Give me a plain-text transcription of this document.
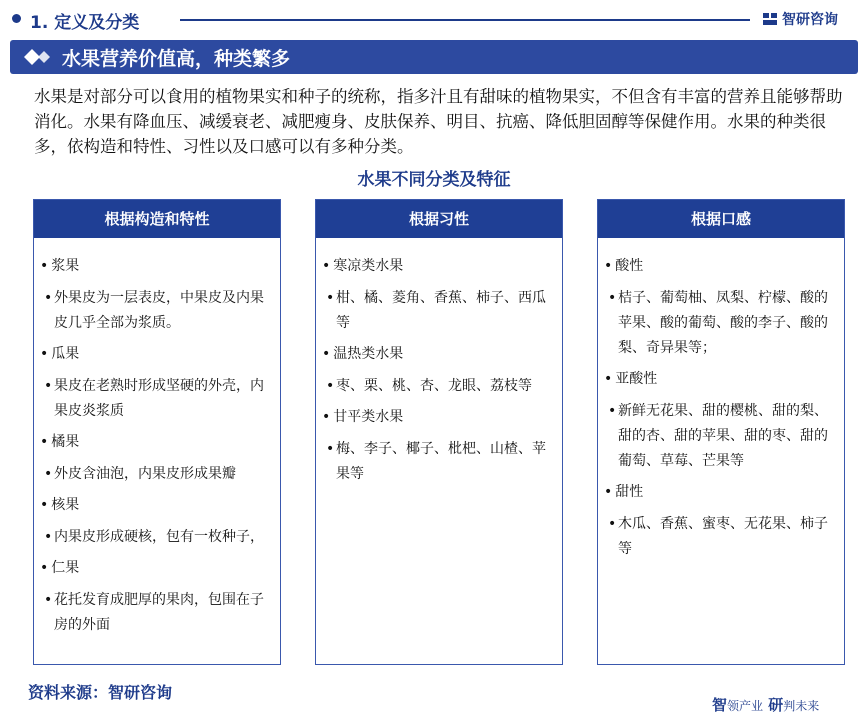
1. 定义及分类	智研咨询
水果营养价值高，种类繁多

水果是对部分可以食用的植物果实和种子的统称，指多汁且有甜味的植物果实，不但含有丰富的营养且能够帮助消化。水果有降血压、减缓衰老、减肥瘦身、皮肤保养、明目、抗癌、降低胆固醇等保健作用。水果的种类很多，依构造和特性、习性以及口感可以有多种分类。

水果不同分类及特征
根据构造和特性
• 浆果
• 外果皮为一层表皮，中果皮及内果皮几乎全部为浆质。
• 瓜果
• 果皮在老熟时形成坚硬的外壳，内果皮炎浆质
• 橘果
• 外皮含油泡，内果皮形成果瓣
• 核果
• 内果皮形成硬核，包有一枚种子，
• 仁果
• 花托发育成肥厚的果肉，包围在子房的外面
根据习性
• 寒凉类水果
• 柑、橘、菱角、香蕉、柿子、西瓜等
• 温热类水果
• 枣、栗、桃、杏、龙眼、荔枝等
• 甘平类水果
• 梅、李子、椰子、枇杷、山楂、苹果等
根据口感
• 酸性
• 桔子、葡萄柚、凤梨、柠檬、酸的苹果、酸的葡萄、酸的李子、酸的梨、奇异果等；
• 亚酸性
• 新鲜无花果、甜的樱桃、甜的梨、甜的杏、甜的苹果、甜的枣、甜的葡萄、草莓、芒果等
• 甜性
• 木瓜、香蕉、蜜枣、无花果、柿子等
资料来源：智研咨询
智领产业 研判未来
